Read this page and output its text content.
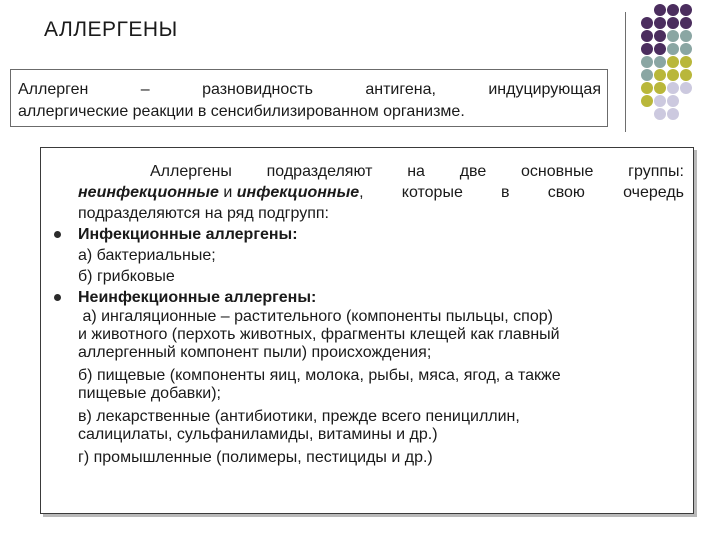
АЛЛЕРГЕНЫ
Аллерген – разновидность антигена, индуцирующая
аллергические реакции в сенсибилизированном организме.
Аллергены подразделяют на две основные группы:
неинфекционные и инфекционные , которые в свою очередь
подразделяются на ряд подгрупп:
Инфекционные аллергены:
а) бактериальные;
б) грибковые
Неинфекционные аллергены:
а) ингаляционные – растительного (компоненты пыльцы, спор)
и животного (перхоть животных, фрагменты клещей как главный
аллергенный компонент пыли) происхождения;
б) пищевые (компоненты яиц, молока, рыбы, мяса, ягод, а также
пищевые добавки);
в) лекарственные (антибиотики, прежде всего пенициллин,
салицилаты, сульфаниламиды, витамины и др.)
г) промышленные (полимеры, пестициды и др.)
